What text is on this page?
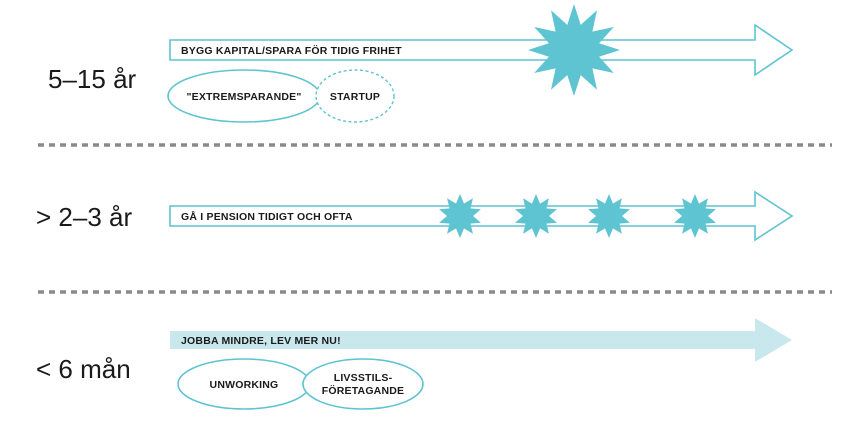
BYGG KAPITAL/SPARA FÖR TIDIG FRIHET
5–15 år
"EXTREMSPARANDE"	STARTUP
GÅ I PENSION TIDIGT OCH OFTA
> 2–3 år
JOBBA MINDRE, LEV MER NU!
< 6 mån
UNWORKING
LIVSSTILS-
FÖRETAGANDE
